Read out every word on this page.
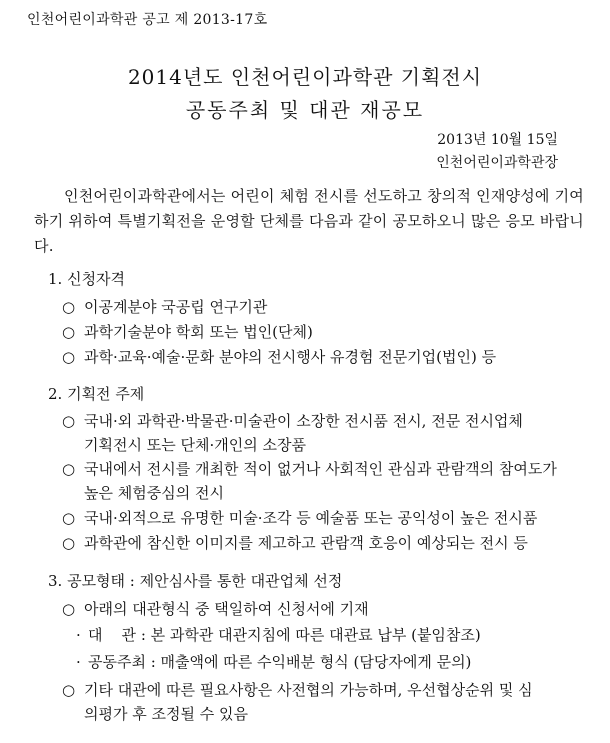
인천어린이과학관 공고 제 2013-17호
2014년도 인천어린이과학관 기획전시
공동주최 및 대관 재공모
2013년 10월 15일
인천어린이과학관장
인천어린이과학관에서는 어린이 체험 전시를 선도하고 창의적 인재양성에 기여하기 위하여 특별기획전을 운영할 단체를 다음과 같이 공모하오니 많은 응모 바랍니다.
1. 신청자격
○ 이공계분야 국공립 연구기관
○ 과학기술분야 학회 또는 법인(단체)
○ 과학·교육·예술·문화 분야의 전시행사 유경험 전문기업(법인) 등
2. 기획전 주제
○ 국내·외 과학관·박물관·미술관이 소장한 전시품 전시, 전문 전시업체
기획전시 또는 단체·개인의 소장품
○ 국내에서 전시를 개최한 적이 없거나 사회적인 관심과 관람객의 참여도가
높은 체험중심의 전시
○ 국내·외적으로 유명한 미술·조각 등 예술품 또는 공익성이 높은 전시품
○ 과학관에 참신한 이미지를 제고하고 관람객 호응이 예상되는 전시 등
3. 공모형태 : 제안심사를 통한 대관업체 선정
○ 아래의 대관형식 중 택일하여 신청서에 기재
· 대    관 : 본 과학관 대관지침에 따른 대관료 납부 (붙임참조)
· 공동주최 : 매출액에 따른 수익배분 형식 (담당자에게 문의)
○ 기타 대관에 따른 필요사항은 사전협의 가능하며, 우선협상순위 및 심
의평가 후 조정될 수 있음
